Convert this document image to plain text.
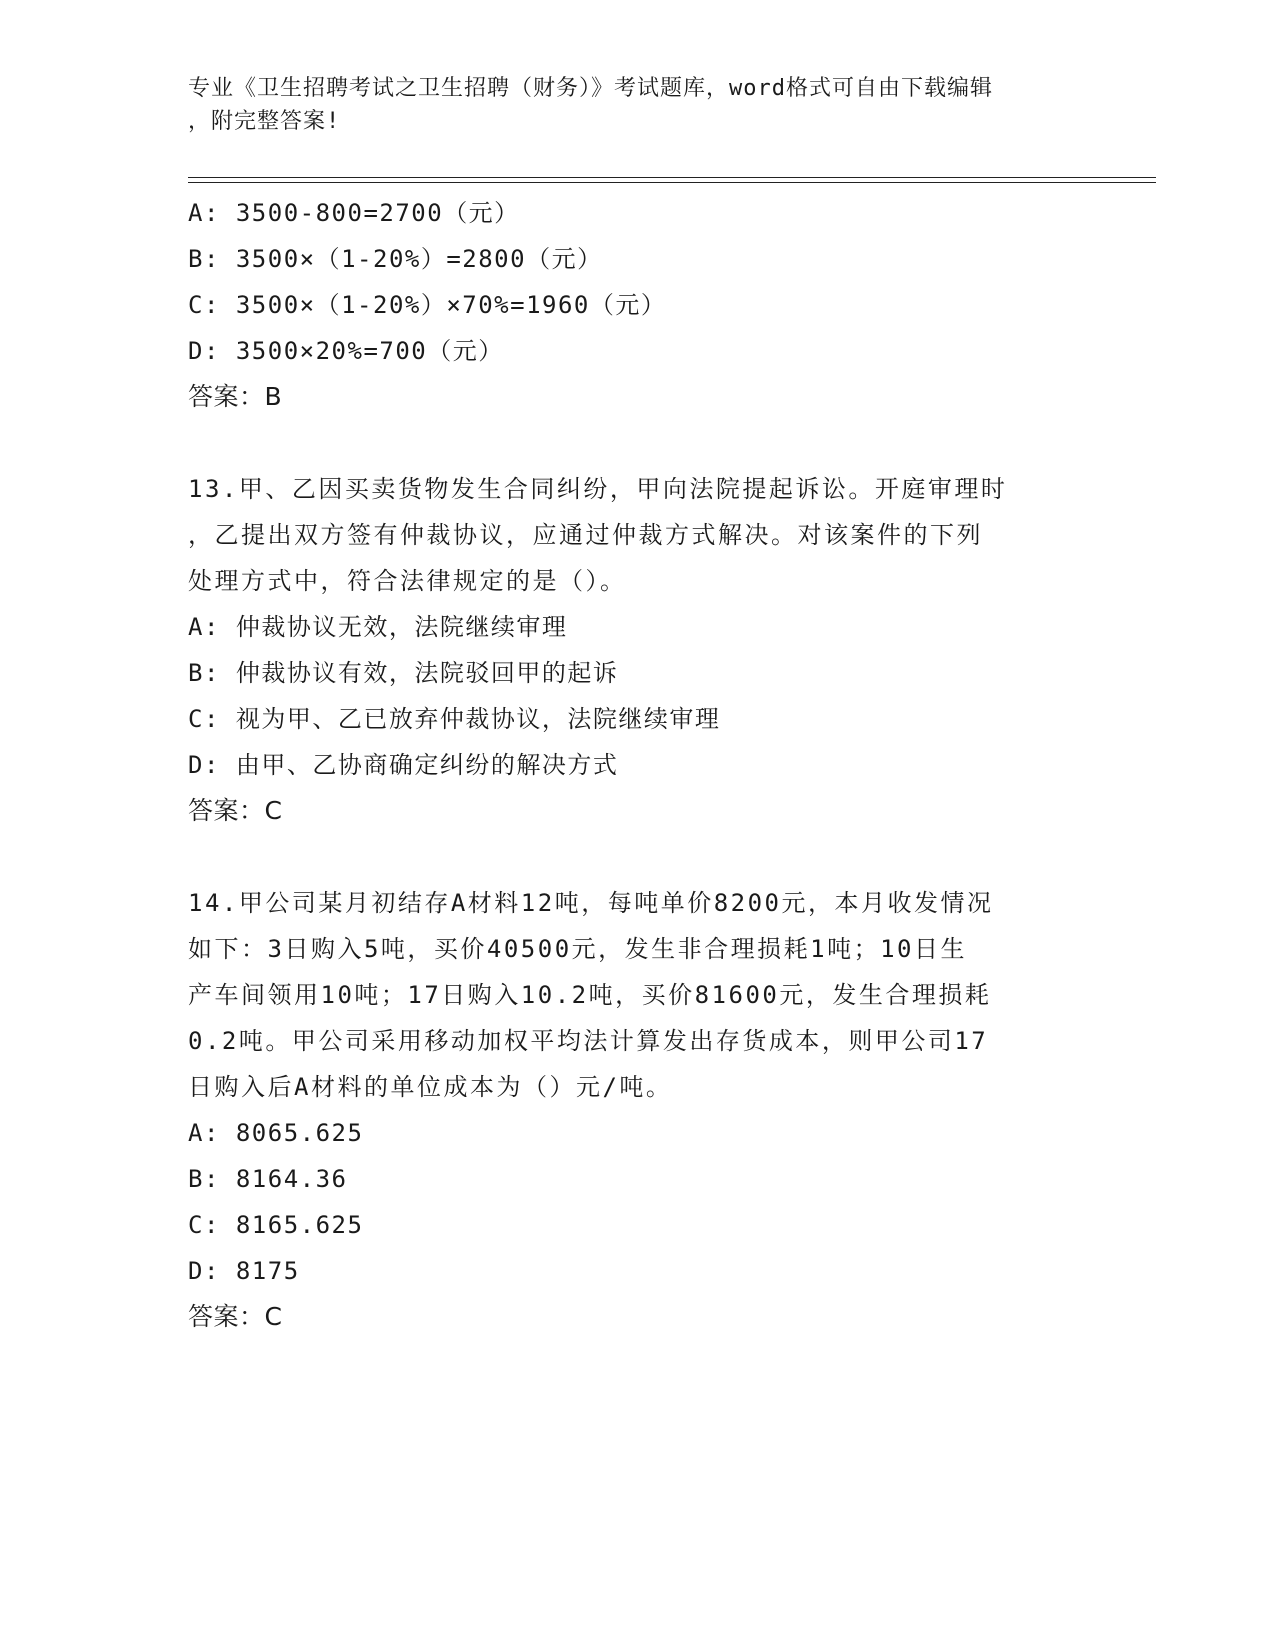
专业《卫生招聘考试之卫生招聘（财务）》考试题库，word格式可自由下载编辑
，附完整答案!
A: 3500-800=2700（元）
B: 3500×（1-20%）=2800（元）
C: 3500×（1-20%）×70%=1960（元）
D: 3500×20%=700（元）
答案：B
13.甲、乙因买卖货物发生合同纠纷，甲向法院提起诉讼。开庭审理时
，乙提出双方签有仲裁协议，应通过仲裁方式解决。对该案件的下列
处理方式中，符合法律规定的是（）。
A: 仲裁协议无效，法院继续审理
B: 仲裁协议有效，法院驳回甲的起诉
C: 视为甲、乙已放弃仲裁协议，法院继续审理
D: 由甲、乙协商确定纠纷的解决方式
答案：C
14.甲公司某月初结存A材料12吨，每吨单价8200元，本月收发情况
如下：3日购入5吨，买价40500元，发生非合理损耗1吨；10日生
产车间领用10吨；17日购入10.2吨，买价81600元，发生合理损耗
0.2吨。甲公司采用移动加权平均法计算发出存货成本，则甲公司17
日购入后A材料的单位成本为（）元/吨。
A: 8065.625
B: 8164.36
C: 8165.625
D: 8175
答案：C
